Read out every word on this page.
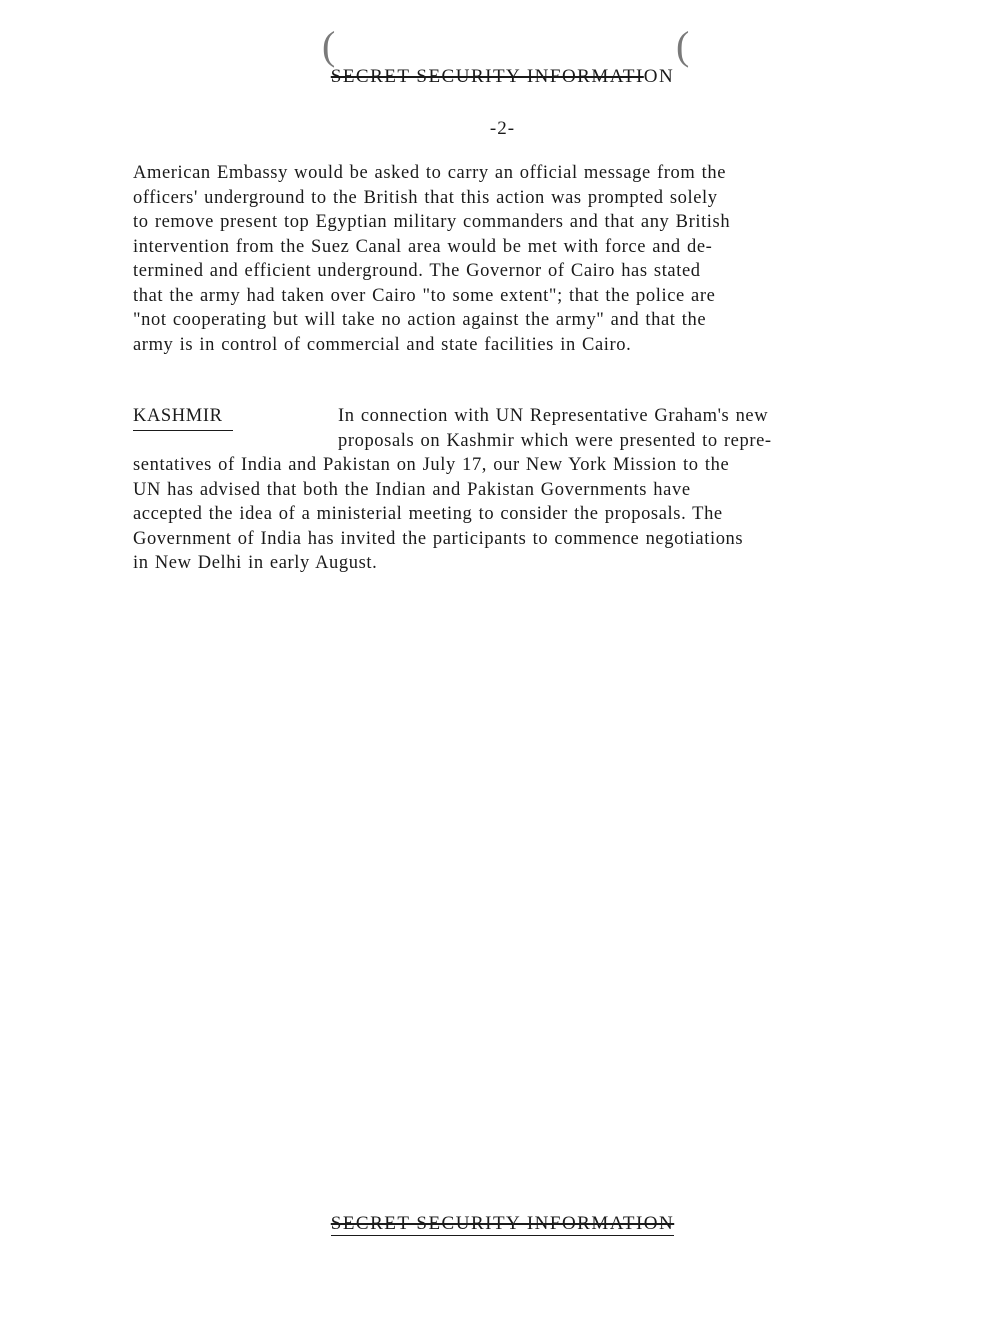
(	(
SECRET SECURITY INFORMATION
-2-
American Embassy would be asked to carry an official message from the
officers' underground to the British that this action was prompted solely
to remove present top Egyptian military commanders and that any British
intervention from the Suez Canal area would be met with force and de-
termined and efficient underground. The Governor of Cairo has stated
that the army had taken over Cairo "to some extent"; that the police are
"not cooperating but will take no action against the army" and that the
army is in control of commercial and state facilities in Cairo.
KASHMIR	In connection with UN Representative Graham's new
proposals on Kashmir which were presented to repre-
sentatives of India and Pakistan on July 17, our New York Mission to the
UN has advised that both the Indian and Pakistan Governments have
accepted the idea of a ministerial meeting to consider the proposals. The
Government of India has invited the participants to commence negotiations
in New Delhi in early August.
SECRET SECURITY INFORMATION
